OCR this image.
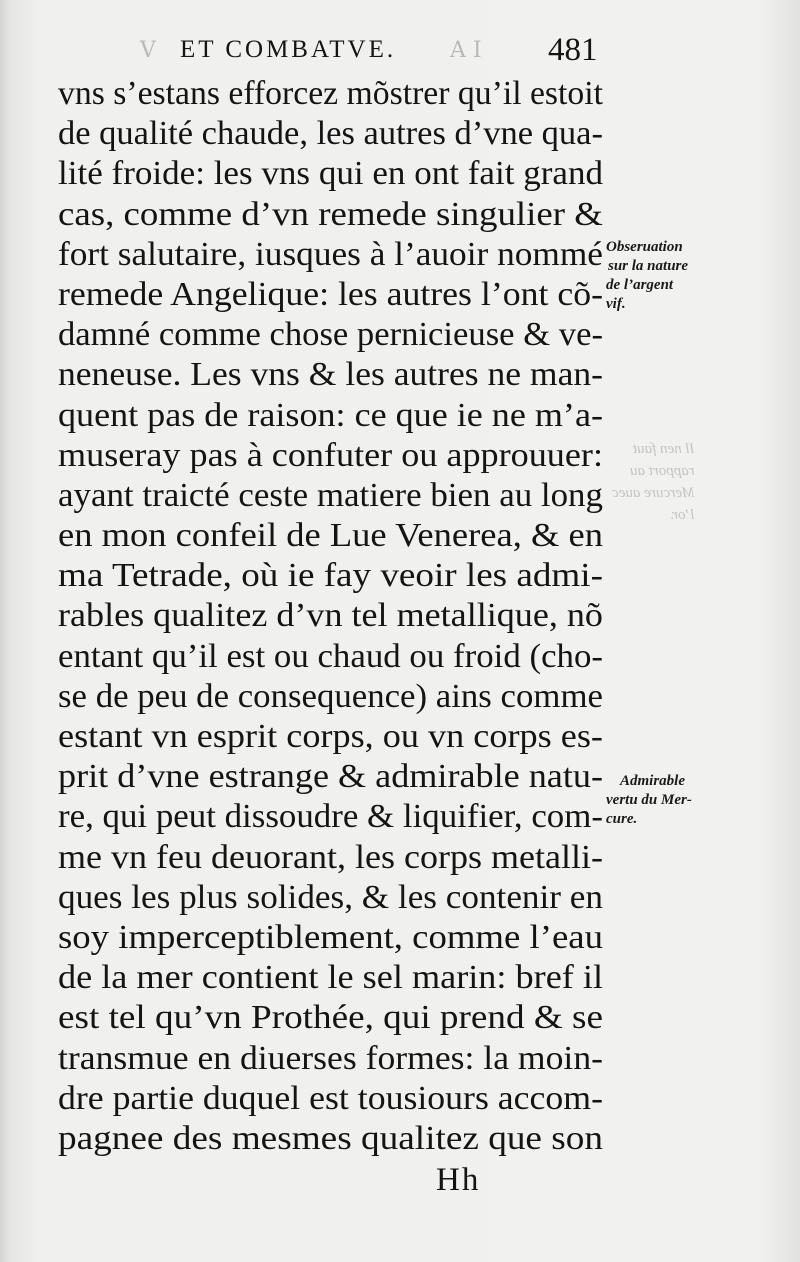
V ET COMBATVE. A I 481
vns s’estans efforcez mõstrer qu’il estoit
de qualité chaude, les autres d’vne qua-
lité froide: les vns qui en ont fait grand
cas, comme d’vn remede singulier &
fort salutaire, iusques à l’auoir nommé
remede Angelique: les autres l’ont cõ-
damné comme chose pernicieuse & ve-
neneuse. Les vns & les autres ne man-
quent pas de raison: ce que ie ne m’a-
museray pas à confuter ou approuuer:
ayant traicté ceste matiere bien au long
en mon confeil de Lue Venerea, & en
ma Tetrade, où ie fay veoir les admi-
rables qualitez d’vn tel metallique, nõ
entant qu’il est ou chaud ou froid (cho-
se de peu de consequence) ains comme
estant vn esprit corps, ou vn corps es-
prit d’vne estrange & admirable natu-
re, qui peut dissoudre & liquifier, com-
me vn feu deuorant, les corps metalli-
ques les plus solides, & les contenir en
soy imperceptiblement, comme l’eau
de la mer contient le sel marin: bref il
est tel qu’vn Prothée, qui prend & se
transmue en diuerses formes: la moin-
dre partie duquel est tousiours accom-
pagnee des mesmes qualitez que son
Obseruation
sur la nature
de l’argent
vif.
Il nen faut
rapport au
Mercure auec
l’or.
Admirable
vertu du Mer-
cure.
Hh
